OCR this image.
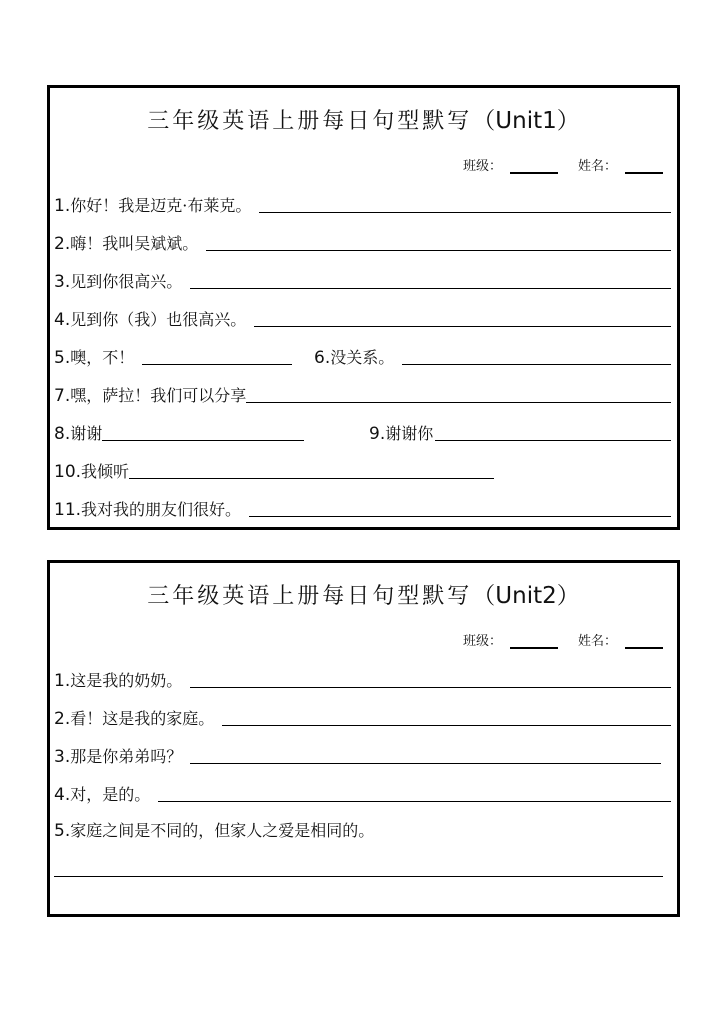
三年级英语上册每日句型默写（Unit1）
班级：	姓名：
1. 你好！我是迈克·布莱克。
2. 嗨！我叫吴斌斌。
3. 见到你很高兴。
4. 见到你（我）也很高兴。
5. 噢，不！	6. 没关系。
7. 嘿，萨拉！我们可以分享
8. 谢谢	9. 谢谢你
10. 我倾听
11. 我对我的朋友们很好。
三年级英语上册每日句型默写（Unit2）
班级：	姓名：
1. 这是我的奶奶。
2. 看！这是我的家庭。
3. 那是你弟弟吗？
4. 对，是的。
5. 家庭之间是不同的，但家人之爱是相同的。
